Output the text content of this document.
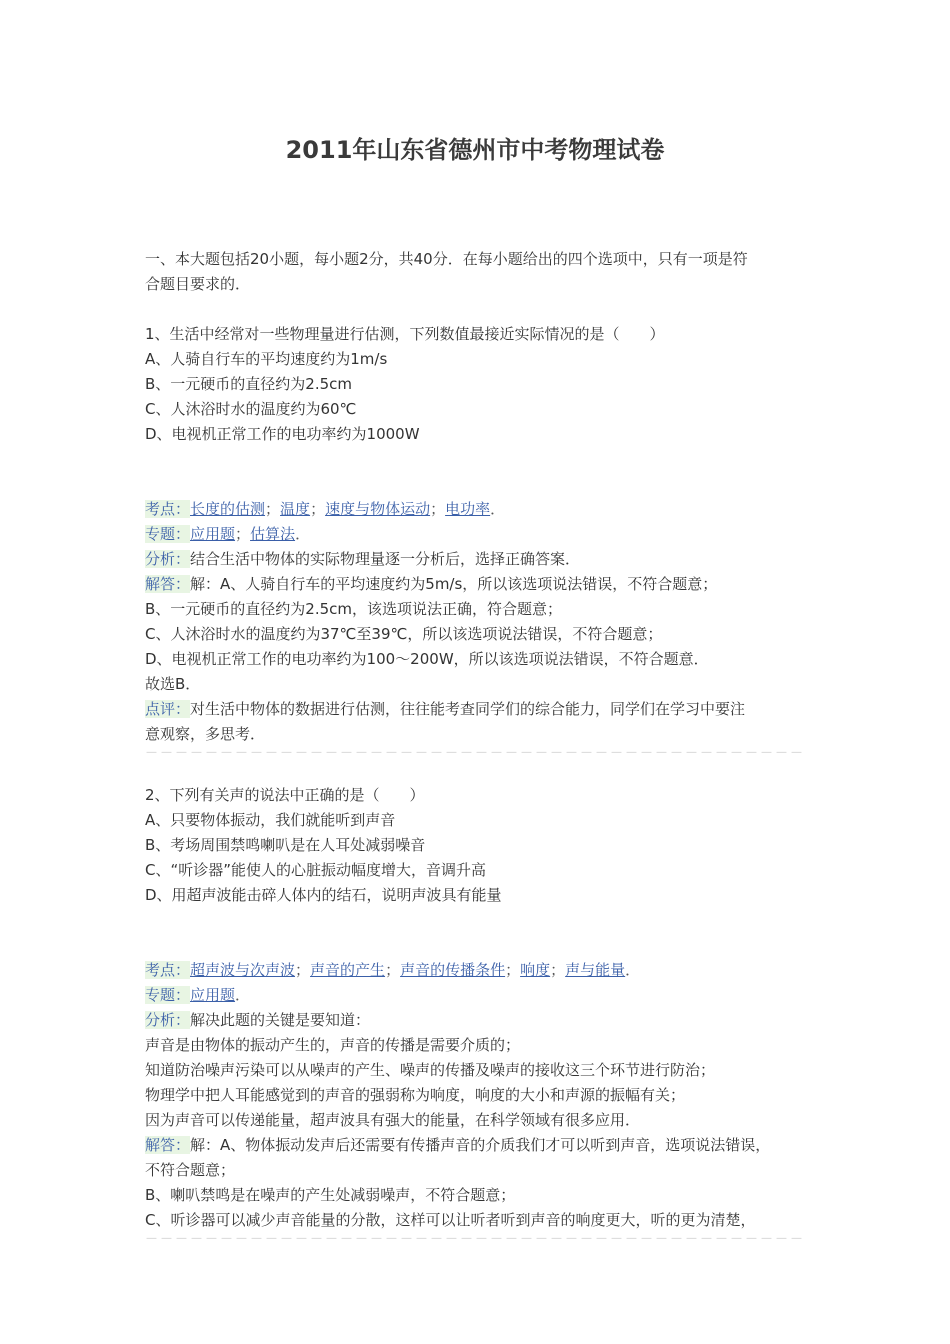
2011年山东省德州市中考物理试卷

一、本大题包括20小题，每小题2分，共40分．在每小题给出的四个选项中，只有一项是符

合题目要求的．

1、生活中经常对一些物理量进行估测，下列数值最接近实际情况的是（　　）

A、人骑自行车的平均速度约为1m/s

B、一元硬币的直径约为2.5cm

C、人沐浴时水的温度约为60℃

D、电视机正常工作的电功率约为1000W

考点：长度的估测；温度；速度与物体运动；电功率．

专题：应用题；估算法．

分析：结合生活中物体的实际物理量逐一分析后，选择正确答案．

解答：解：A、人骑自行车的平均速度约为5m/s，所以该选项说法错误，不符合题意；

B、一元硬币的直径约为2.5cm，该选项说法正确，符合题意；

C、人沐浴时水的温度约为37℃至39℃，所以该选项说法错误，不符合题意；

D、电视机正常工作的电功率约为100～200W，所以该选项说法错误，不符合题意．

故选B．

点评：对生活中物体的数据进行估测，往往能考查同学们的综合能力，同学们在学习中要注

意观察，多思考．

－－－－－－－－－－－－－－－－－－－－－－－－－－－－－－－－－－－－－－－－－－－－

2、下列有关声的说法中正确的是（　　）

A、只要物体振动，我们就能听到声音

B、考场周围禁鸣喇叭是在人耳处减弱噪音

C、“听诊器”能使人的心脏振动幅度增大，音调升高

D、用超声波能击碎人体内的结石，说明声波具有能量

考点：超声波与次声波；声音的产生；声音的传播条件；响度；声与能量．

专题：应用题．

分析：解决此题的关键是要知道：

声音是由物体的振动产生的，声音的传播是需要介质的；

知道防治噪声污染可以从噪声的产生、噪声的传播及噪声的接收这三个环节进行防治；

物理学中把人耳能感觉到的声音的强弱称为响度，响度的大小和声源的振幅有关；

因为声音可以传递能量，超声波具有强大的能量，在科学领域有很多应用．

解答：解：A、物体振动发声后还需要有传播声音的介质我们才可以听到声音，选项说法错误，

不符合题意；

B、喇叭禁鸣是在噪声的产生处减弱噪声，不符合题意；

C、听诊器可以减少声音能量的分散，这样可以让听者听到声音的响度更大，听的更为清楚，

－－－－－－－－－－－－－－－－－－－－－－－－－－－－－－－－－－－－－－－－－－－－
